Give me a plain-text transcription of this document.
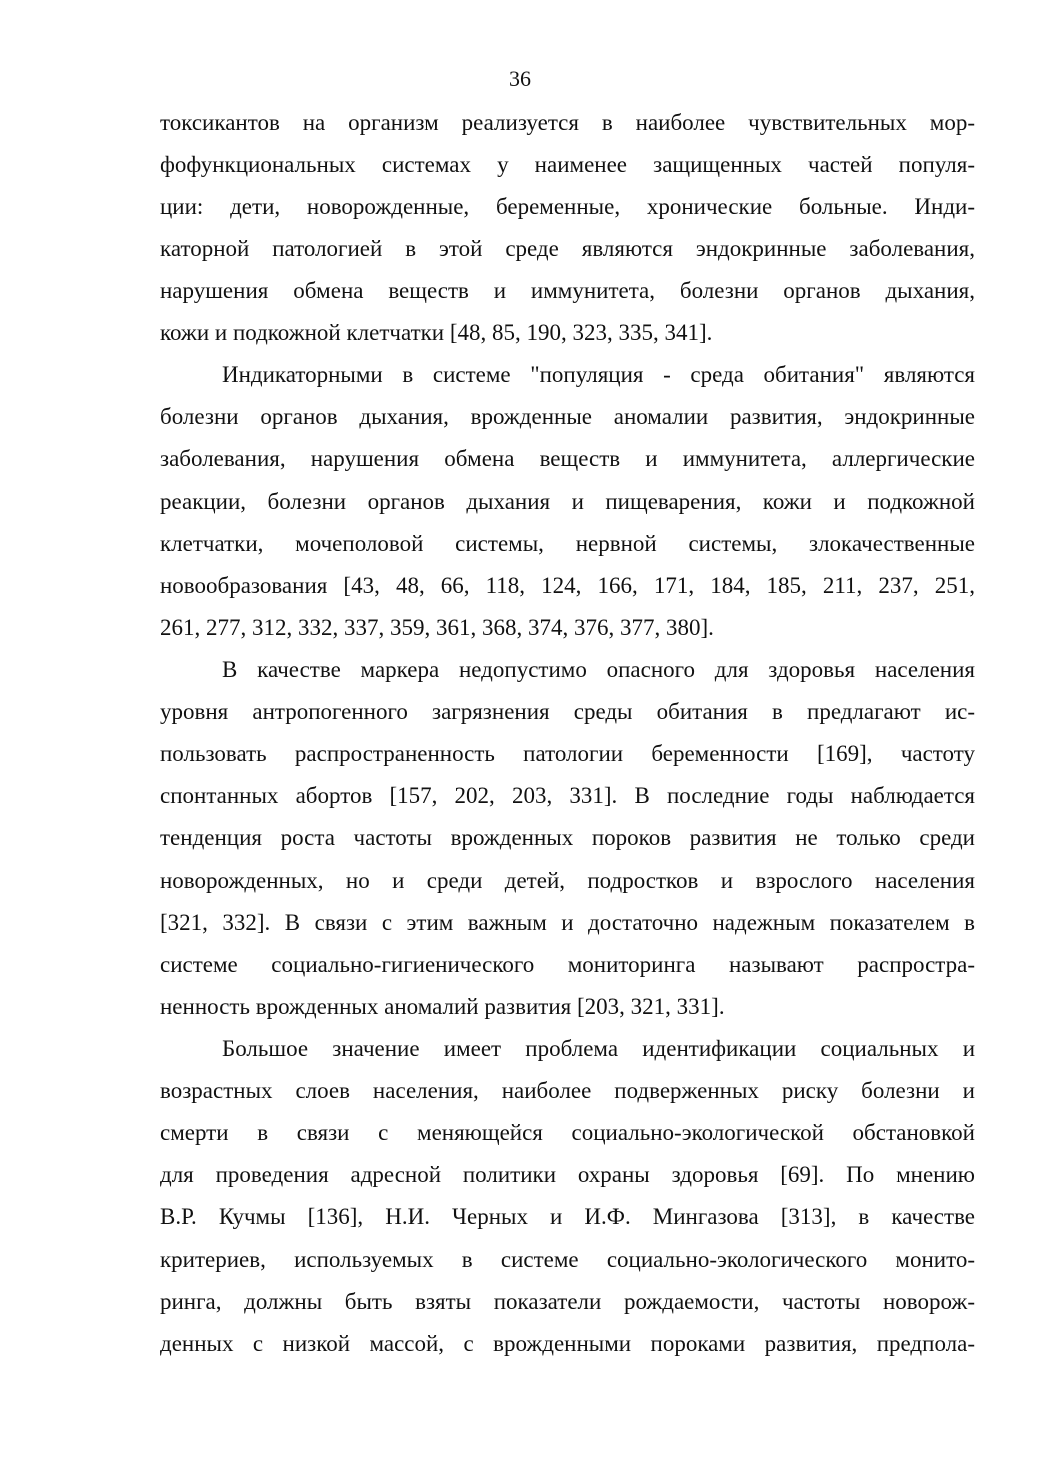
36
токсикантов на организм реализуется в наиболее чувствительных мор-
фофункциональных системах у наименее защищенных частей популя-
ции: дети, новорожденные, беременные, хронические больные. Инди-
каторной патологией в этой среде являются эндокринные заболевания,
нарушения обмена веществ и иммунитета, болезни органов дыхания,
кожи и подкожной клетчатки [48, 85, 190, 323, 335, 341].
Индикаторными в системе "популяция - среда обитания" являются
болезни органов дыхания, врожденные аномалии развития, эндокринные
заболевания, нарушения обмена веществ и иммунитета, аллергические
реакции, болезни органов дыхания и пищеварения, кожи и подкожной
клетчатки, мочеполовой системы, нервной системы, злокачественные
новообразования [43, 48, 66, 118, 124, 166, 171, 184, 185, 211, 237, 251,
261, 277, 312, 332, 337, 359, 361, 368, 374, 376, 377, 380].
В качестве маркера недопустимо опасного для здоровья населения
уровня антропогенного загрязнения среды обитания в предлагают ис-
пользовать распространенность патологии беременности [169], частоту
спонтанных абортов [157, 202, 203, 331]. В последние годы наблюдается
тенденция роста частоты врожденных пороков развития не только среди
новорожденных, но и среди детей, подростков и взрослого населения
[321, 332]. В связи с этим важным и достаточно надежным показателем в
системе социально-гигиенического мониторинга называют распростра-
ненность врожденных аномалий развития [203, 321, 331].
Большое значение имеет проблема идентификации социальных и
возрастных слоев населения, наиболее подверженных риску болезни и
смерти в связи с меняющейся социально-экологической обстановкой
для проведения адресной политики охраны здоровья [69]. По мнению
В.Р. Кучмы [136], Н.И. Черных и И.Ф. Мингазова [313], в качестве
критериев, используемых в системе социально-экологического монито-
ринга, должны быть взяты показатели рождаемости, частоты новорож-
денных с низкой массой, с врожденными пороками развития, предпола-
